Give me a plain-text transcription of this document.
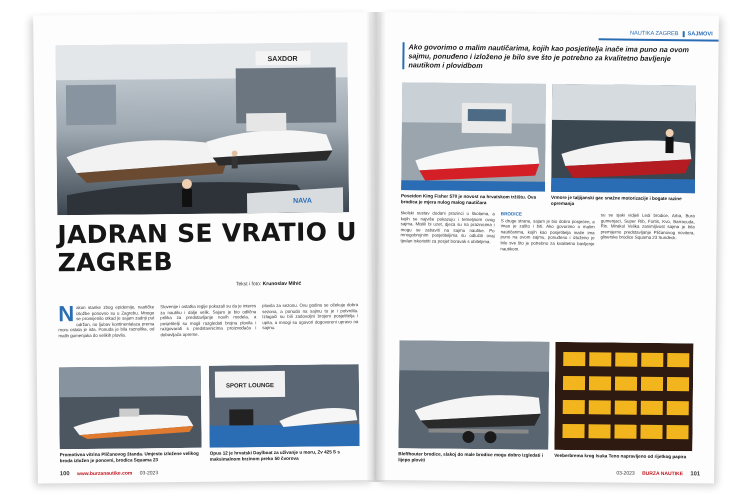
SAXDOR
NAVA
JADRAN SE VRATIO U ZAGREB
Tekst i foto: Krunoslav Mihić

Nakon stanke zbog epidemije, nautičke izložbe ponovno su u Zagrebu. Mnogo se promijenilo otkad je sajam zadnji put održan, no ljubav kontinentalaca prema moru ostala je ista. Ponuda je bila raznolika, od malih gumenjaka do velikih plovila.

Slovenije i ostatka regije pokazali su da je interes za nautiku i dalje velik. Sajam je bio odlična prilika za predstavljanje novih modela, a posjetitelji su mogli razgledati brojna plovila i razgovarati s predstavnicima proizvođača i dobavljača opreme.

plovila za sezonu. Ovu godinu se očekuje dobra sezona, a ponuda na sajmu to je i potvrdila. Izlagači su bili zadovoljni brojem posjetitelja i upita, a mnogi su ugovori dogovoreni upravo na sajmu.

SPORT LOUNGE

Promotivna vitrina Pličanovog štanda. Umjesto izložene velikog broda izložen je ponovni, brodica Squama 23

Opus 12 je hrvatski Daylboat za uživanje u moru, Zv 425 S s maksimalnom brzinom preko 50 čvorova

100 www.burzanautike.com 03-2023
NAUTIKA ZAGREB	SAJMOVI

Ako govorimo o malim nautičarima, kojih kao posjetitelja inače ima puno na ovom sajmu, ponuđeno i izloženo je bilo sve što je potrebno za kvalitetno bavljenje nautikom i plovidbom

Poseidon King Fisher 570 je novost na hrvatskom tržištu. Ova brodica je mjera nulog malog nautičara

Vrmore je taljijanski gac snažne motorizacije i bogate razine opremanja

školski sustav dodani prazinci u školama, a kojih se najviše pokazuju i temeljnom ovog sajma. Mislili bi uzet, djeca su na praznicima i mogu se zabaviti na sajmu nautike. Po mnogobrojnim posjetiteljima su odlučili ovaj tjedan iskoristiti za posjet boravak s obiteljima.

BRODICE
S druge strane, sajam je bio dobro posjećen, a imao je zašto i biti. Ako govorimo o malim nautičarima, kojih kao posjetitelja inače ima puno na ovom sajmu, ponuđeno i izloženo je bilo sve što je potrebno za kvalitetno bavljenje nautikom.

su se sjaki vidjeli Ledi brodice, Arba, Bura gumenjaci, Super Rib, Fortis, Kvo, Barracuda, Ris. Mirakul Velika zanimljivost sajma je bila premijerno predstavljanje Pličanovog novitera, gliserske brodice Squama 23 Sundeck.

Bleffhouter brodice, slakoj do male brodice mogu dobro izgledati i lijepo ploviti

Veeberbrema krog Isuka Teno napravljeno od rijetkog papira

03-2023 BURZA NAUTIKE 101
